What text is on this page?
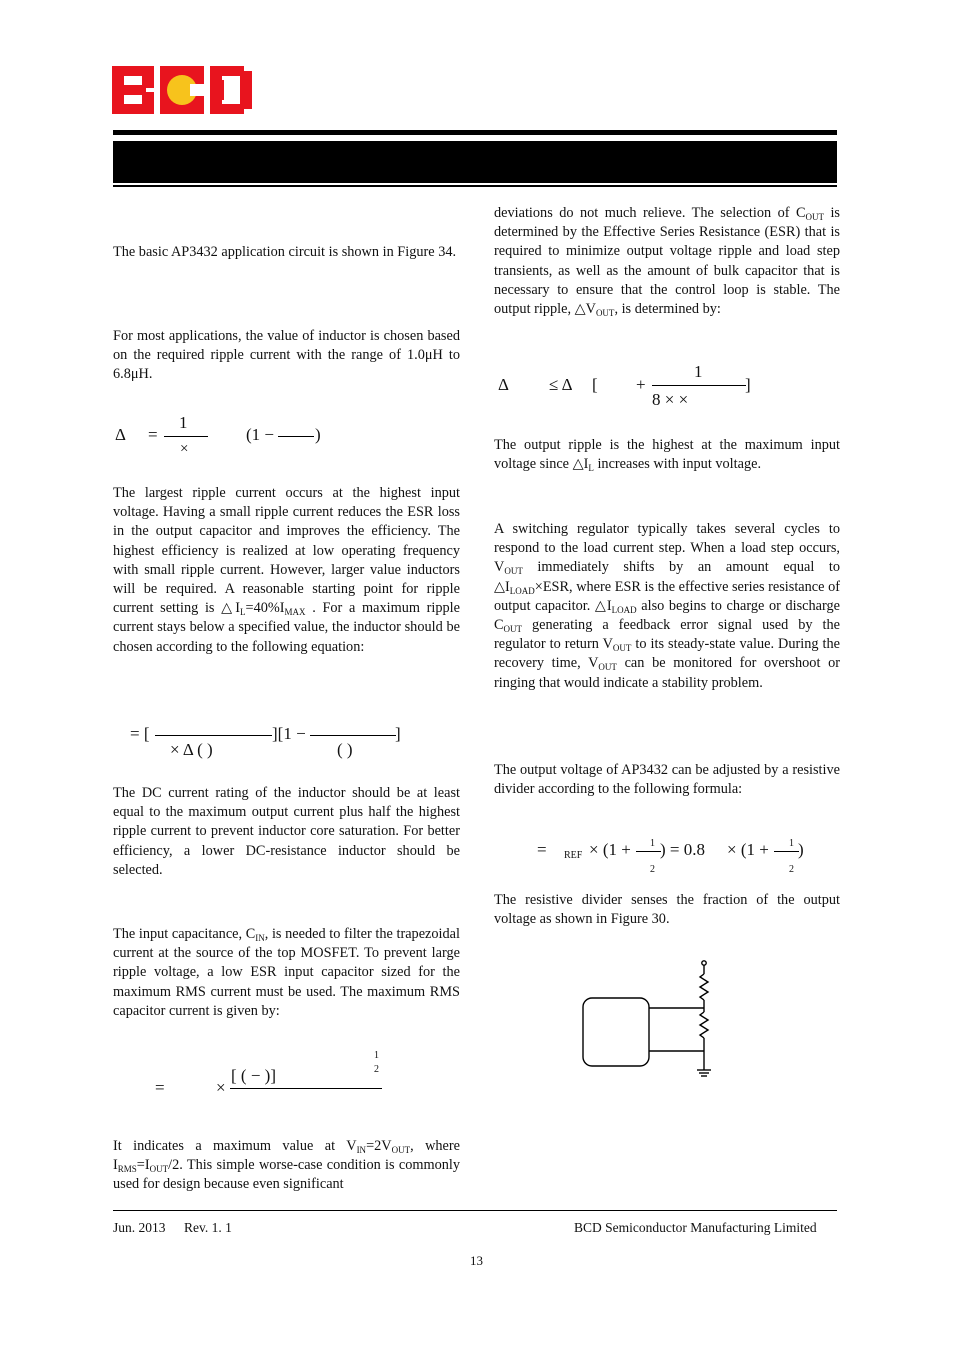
The basic AP3432 application circuit is shown in Figure 34.

For most applications, the value of inductor is chosen based on the required ripple current with the range of 1.0μH to 6.8μH.

Δ =
1
×
(1 − )

The largest ripple current occurs at the highest input voltage. Having a small ripple current reduces the ESR loss in the output capacitor and improves the efficiency. The highest efficiency is realized at low operating frequency with small ripple current. However, larger value inductors will be required. A reasonable starting point for ripple current setting is $\triangle I_L=40\%I_{MAX}$ . For a maximum ripple current stays below a specified value, the inductor should be chosen according to the following equation:

= [
× Δ ( )
][1 −
( )
]

The DC current rating of the inductor should be at least equal to the maximum output current plus half the highest ripple current to prevent inductor core saturation. For better efficiency, a lower DC-resistance inductor should be selected.

The input capacitance, $C_{IN}$, is needed to filter the trapezoidal current at the source of the top MOSFET. To prevent large ripple voltage, a low ESR input capacitor sized for the maximum RMS current must be used. The maximum RMS capacitor current is given by:

=	×
[ ( − )]
1
2

It indicates a maximum value at $V_{IN}=2V_{OUT}$, where $I_{RMS}=I_{OUT}/2$. This simple worse-case condition is commonly used for design because even significant

deviations do not much relieve. The selection of $C_{OUT}$ is determined by the Effective Series Resistance (ESR) that is required to minimize output voltage ripple and load step transients, as well as the amount of bulk capacitor that is necessary to ensure that the control loop is stable. The output ripple, $\triangle V_{OUT}$, is determined by:

Δ ≤ Δ [ +
1
8 × ×
]

The output ripple is the highest at the maximum input voltage since $\triangle I_L$ increases with input voltage.

A switching regulator typically takes several cycles to respond to the load current step. When a load step occurs, $V_{OUT}$ immediately shifts by an amount equal to $\triangle I_{LOAD}\times ESR$, where ESR is the effective series resistance of output capacitor. $\triangle I_{LOAD}$ also begins to charge or discharge $C_{OUT}$ generating a feedback error signal used by the regulator to return $V_{OUT}$ to its steady-state value. During the recovery time, $V_{OUT}$ can be monitored for overshoot or ringing that would indicate a stability problem.

The output voltage of AP3432 can be adjusted by a resistive divider according to the following formula:

= REF × (1 + 1
2
) = 0.8 × (1 + 1
2
)

The resistive divider senses the fraction of the output voltage as shown in Figure 30.

Jun. 2013 Rev. 1. 1	BCD Semiconductor Manufacturing Limited
13
